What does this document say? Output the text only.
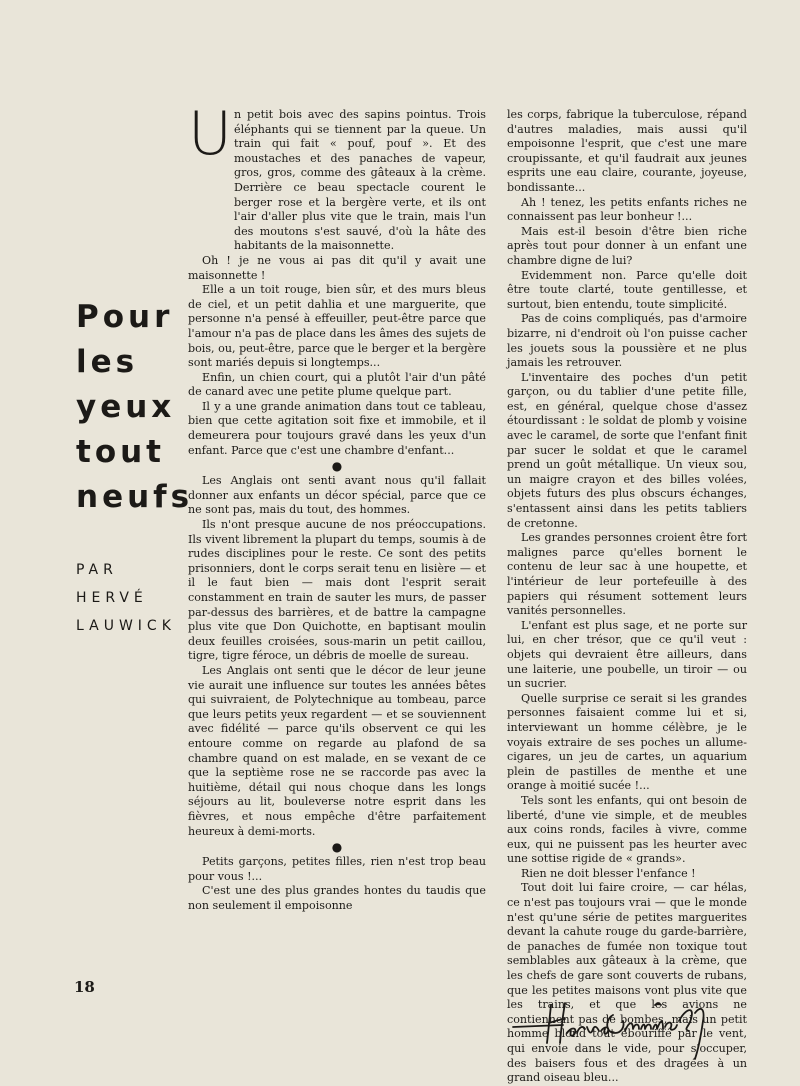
Pour
les
yeux
tout
neufs
PAR
HERVÉ
LAUWICK
U n petit bois avec des sapins pointus. Trois éléphants qui se tiennent par la queue. Un train qui fait « pouf, pouf ». Et des moustaches et des panaches de vapeur, gros, gros, comme des gâteaux à la crème. Derrière ce beau spectacle courent le berger rose et la bergère verte, et ils ont l'air d'aller plus vite que le train, mais l'un des moutons s'est sauvé, d'où la hâte des habitants de la maisonnette.

Oh ! je ne vous ai pas dit qu'il y avait une maisonnette !

Elle a un toit rouge, bien sûr, et des murs bleus de ciel, et un petit dahlia et une marguerite, que personne n'a pensé à effeuiller, peut-être parce que l'amour n'a pas de place dans les âmes des sujets de bois, ou, peut-être, parce que le berger et la bergère sont mariés depuis si longtemps...

Enfin, un chien court, qui a plutôt l'air d'un pâté de canard avec une petite plume quelque part.

Il y a une grande animation dans tout ce tableau, bien que cette agitation soit fixe et immobile, et il demeurera pour toujours gravé dans les yeux d'un enfant. Parce que c'est une chambre d'enfant...

●

Les Anglais ont senti avant nous qu'il fallait donner aux enfants un décor spécial, parce que ce ne sont pas, mais du tout, des hommes.

Ils n'ont presque aucune de nos préoccupations. Ils vivent librement la plupart du temps, soumis à de rudes disciplines pour le reste. Ce sont des petits prisonniers, dont le corps serait tenu en lisière — et il le faut bien — mais dont l'esprit serait constamment en train de sauter les murs, de passer par-dessus des barrières, et de battre la campagne plus vite que Don Quichotte, en baptisant moulin deux feuilles croisées, sous-marin un petit caillou, tigre, tigre féroce, un débris de moelle de sureau.

Les Anglais ont senti que le décor de leur jeune vie aurait une influence sur toutes les années bêtes qui suivraient, de Polytechnique au tombeau, parce que leurs petits yeux regardent — et se souviennent avec fidélité — parce qu'ils observent ce qui les entoure comme on regarde au plafond de sa chambre quand on est malade, en se vexant de ce que la septième rose ne se raccorde pas avec la huitième, détail qui nous choque dans les longs séjours au lit, bouleverse notre esprit dans les fièvres, et nous empêche d'être parfaitement heureux à demi-morts.

●

Petits garçons, petites filles, rien n'est trop beau pour vous !...

C'est une des plus grandes hontes du taudis que non seulement il empoisonne

les corps, fabrique la tuberculose, répand d'autres maladies, mais aussi qu'il empoisonne l'esprit, que c'est une mare croupissante, et qu'il faudrait aux jeunes esprits une eau claire, courante, joyeuse, bondissante...

Ah ! tenez, les petits enfants riches ne connaissent pas leur bonheur !...

Mais est-il besoin d'être bien riche après tout pour donner à un enfant une chambre digne de lui?

Evidemment non. Parce qu'elle doit être toute clarté, toute gentillesse, et surtout, bien entendu, toute simplicité.

Pas de coins compliqués, pas d'armoire bizarre, ni d'endroit où l'on puisse cacher les jouets sous la poussière et ne plus jamais les retrouver.

L'inventaire des poches d'un petit garçon, ou du tablier d'une petite fille, est, en général, quelque chose d'assez étourdissant : le soldat de plomb y voisine avec le caramel, de sorte que l'enfant finit par sucer le soldat et que le caramel prend un goût métallique. Un vieux sou, un maigre crayon et des billes volées, objets futurs des plus obscurs échanges, s'entassent ainsi dans les petits tabliers de cretonne.

Les grandes personnes croient être fort malignes parce qu'elles bornent le contenu de leur sac à une houpette, et l'intérieur de leur portefeuille à des papiers qui résument sottement leurs vanités personnelles.

L'enfant est plus sage, et ne porte sur lui, en cher trésor, que ce qu'il veut : objets qui devraient être ailleurs, dans une laiterie, une poubelle, un tiroir — ou un sucrier.

Quelle surprise ce serait si les grandes personnes faisaient comme lui et si, interviewant un homme célèbre, je le voyais extraire de ses poches un allume-cigares, un jeu de cartes, un aquarium plein de pastilles de menthe et une orange à moitié sucée !...

Tels sont les enfants, qui ont besoin de liberté, d'une vie simple, et de meubles aux coins ronds, faciles à vivre, comme eux, qui ne puissent pas les heurter avec une sottise rigide de « grands».

Rien ne doit blesser l'enfance !

Tout doit lui faire croire, — car hélas, ce n'est pas toujours vrai — que le monde n'est qu'une série de petites marguerites devant la cahute rouge du garde-barrière, de panaches de fumée non toxique tout semblables aux gâteaux à la crème, que les chefs de gare sont couverts de rubans, que les petites maisons vont plus vite que les trains, et que les avions ne contiennent pas de bombes, mais un petit homme blond tout ébouriffé par le vent, qui envoie dans le vide, pour s'occuper, des baisers fous et des dragées à un grand oiseau bleu...

18
